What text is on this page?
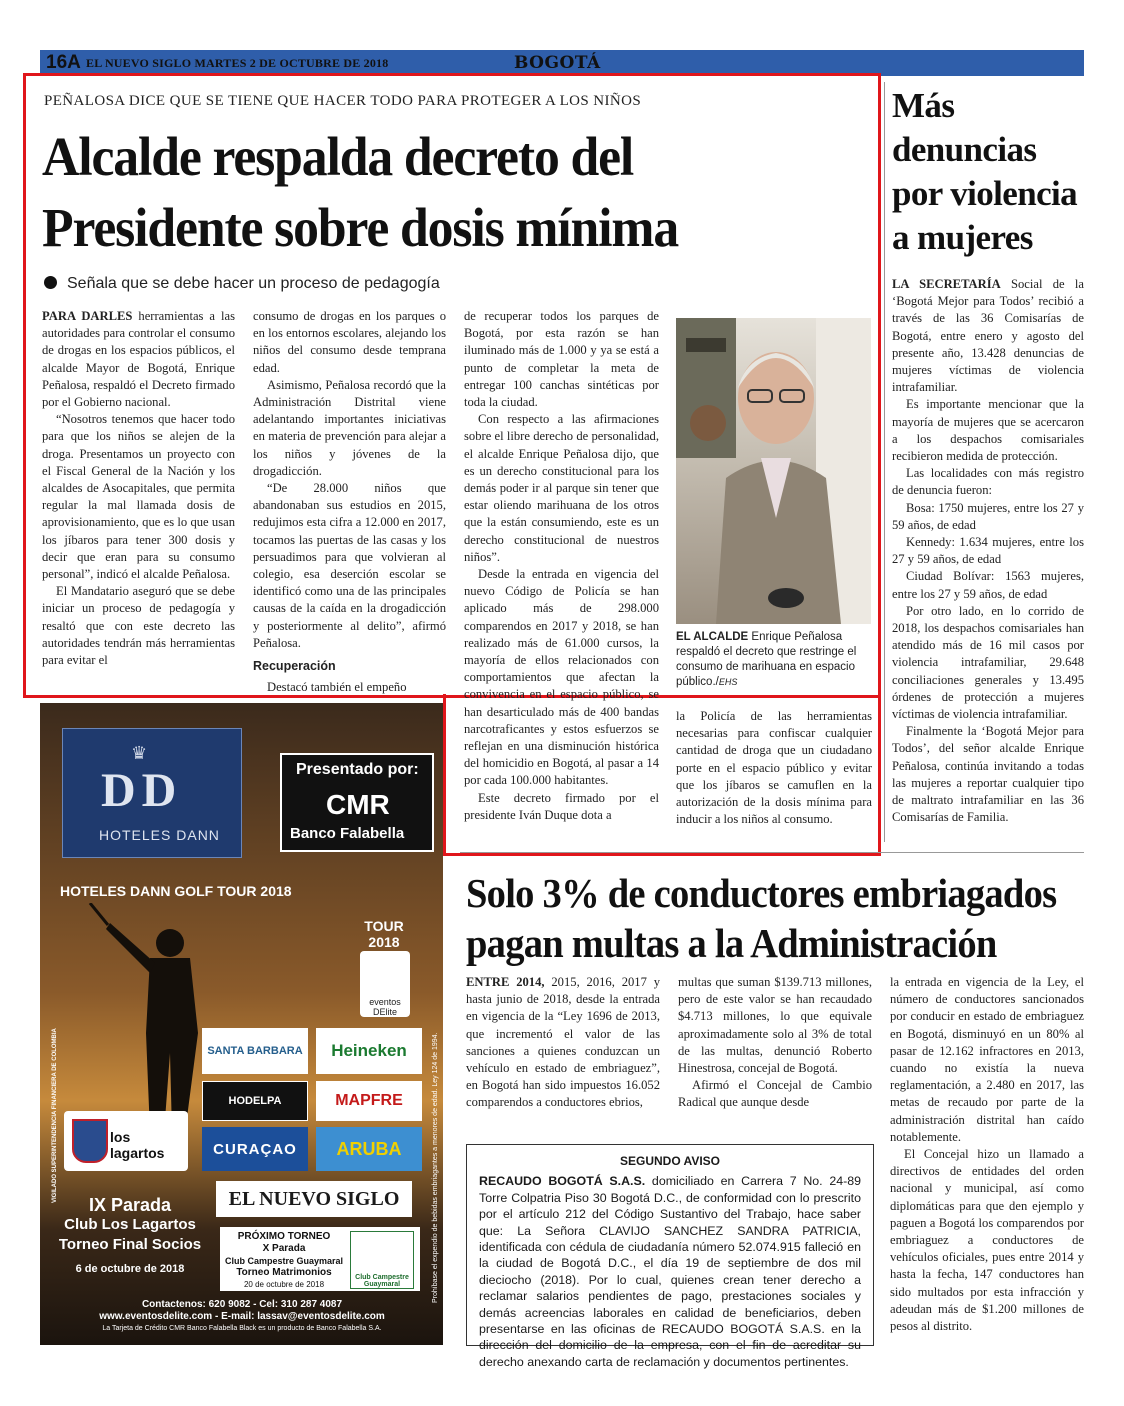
16A EL NUEVO SIGLO MARTES 2 DE OCTUBRE DE 2018	BOGOTÁ
PEÑALOSA DICE QUE SE TIENE QUE HACER TODO PARA PROTEGER A LOS NIÑOS
Alcalde respalda decreto del
Presidente sobre dosis mínima
Señala que se debe hacer un proceso de pedagogía

PARA DARLES herramientas a las autoridades para controlar el consumo de drogas en los espacios públicos, el alcalde Mayor de Bogotá, Enrique Peñalosa, respaldó el Decreto firmado por el Gobierno nacional.

“Nosotros tenemos que hacer todo para que los niños se alejen de la droga. Presentamos un proyecto con el Fiscal General de la Nación y los alcaldes de Asocapitales, que permita regular la mal llamada dosis de aprovisionamiento, que es lo que usan los jíbaros para tener 300 dosis y decir que eran para su consumo personal”, indicó el alcalde Peñalosa.

El Mandatario aseguró que se debe iniciar un proceso de pedagogía y resaltó que con este decreto las autoridades tendrán más herramientas para evitar el

consumo de drogas en los parques o en los entornos escolares, alejando los niños del consumo desde temprana edad.

Asimismo, Peñalosa recordó que la Administración Distrital viene adelantando importantes iniciativas en materia de prevención para alejar a los niños y jóvenes de la drogadicción.

“De 28.000 niños que abandonaban sus estudios en 2015, redujimos esta cifra a 12.000 en 2017, tocamos las puertas de las casas y los persuadimos para que volvieran al colegio, esa deserción escolar se identificó como una de las principales causas de la caída en la drogadicción y posteriormente al delito”, afirmó Peñalosa.

Recuperación

Destacó también el empeño

de recuperar todos los parques de Bogotá, por esta razón se han iluminado más de 1.000 y ya se está a punto de completar la meta de entregar 100 canchas sintéticas por toda la ciudad.

Con respecto a las afirmaciones sobre el libre derecho de personalidad, el alcalde Enrique Peñalosa dijo, que es un derecho constitucional para los demás poder ir al parque sin tener que estar oliendo marihuana de los otros que la están consumiendo, este es un derecho constitucional de nuestros niños”.

Desde la entrada en vigencia del nuevo Código de Policía se han aplicado más de 298.000 comparendos en 2017 y 2018, se han realizado más de 61.000 cursos, la mayoría de ellos relacionados con comportamientos que afectan la convivencia en el espacio público, se han desarticulado más de 400 bandas narcotraficantes y estos esfuerzos se reflejan en una disminución histórica del homicidio en Bogotá, al pasar a 14 por cada 100.000 habitantes.

Este decreto firmado por el presidente Iván Duque dota a

EL ALCALDE Enrique Peñalosa respaldó el decreto que restringe el consumo de marihuana en espacio público./EHS

la Policía de las herramientas necesarias para confiscar cualquier cantidad de droga que un ciudadano porte en el espacio público y evitar que los jíbaros se camuflen en la autorización de la dosis mínima para inducir a los niños al consumo.

Más
denuncias
por violencia
a mujeres

LA SECRETARÍA Social de la ‘Bogotá Mejor para Todos’ recibió a través de las 36 Comisarías de Bogotá, entre enero y agosto del presente año, 13.428 denuncias de mujeres víctimas de violencia intrafamiliar.

Es importante mencionar que la mayoría de mujeres que se acercaron a los despachos comisariales recibieron medida de protección.

Las localidades con más registro de denuncia fueron:

Bosa: 1750 mujeres, entre los 27 y 59 años, de edad

Kennedy: 1.634 mujeres, entre los 27 y 59 años, de edad

Ciudad Bolívar: 1563 mujeres, entre los 27 y 59 años, de edad

Por otro lado, en lo corrido de 2018, los despachos comisariales han atendido más de 16 mil casos por violencia intrafamiliar, 29.648 conciliaciones generales y 13.495 órdenes de protección a mujeres víctimas de violencia intrafamiliar.

Finalmente la ‘Bogotá Mejor para Todos’, del señor alcalde Enrique Peñalosa, continúa invitando a todas las mujeres a reportar cualquier tipo de maltrato intrafamiliar en las 36 Comisarías de Familia.

Solo 3% de conductores embriagados
pagan multas a la Administración

ENTRE 2014, 2015, 2016, 2017 y hasta junio de 2018, desde la entrada en vigencia de la “Ley 1696 de 2013, que incrementó el valor de las sanciones a quienes conduzcan un vehículo en estado de embriaguez”, en Bogotá han sido impuestos 16.052 comparendos a conductores ebrios,

multas que suman $139.713 millones, pero de este valor se han recaudado $4.713 millones, lo que equivale aproximadamente solo al 3% de total de las multas, denunció Roberto Hinestrosa, concejal de Bogotá.

Afirmó el Concejal de Cambio Radical que aunque desde

la entrada en vigencia de la Ley, el número de conductores sancionados por conducir en estado de embriaguez en Bogotá, disminuyó en un 80% al pasar de 12.162 infractores en 2013, cuando no existía la nueva reglamentación, a 2.480 en 2017, las metas de recaudo por parte de la administración distrital han caído notablemente.

El Concejal hizo un llamado a directivos de entidades del orden nacional y municipal, así como diplomáticas para que den ejemplo y paguen a Bogotá los comparendos por embriaguez a conductores de vehículos oficiales, pues entre 2014 y hasta la fecha, 147 conductores han sido multados por esta infracción y adeudan más de $1.200 millones de pesos al distrito.

SEGUNDO AVISO
RECAUDO BOGOTÁ S.A.S. domiciliado en Carrera 7 No. 24-89 Torre Colpatria Piso 30 Bogotá D.C., de conformidad con lo prescrito por el artículo 212 del Código Sustantivo del Trabajo, hace saber que: La Señora CLAVIJO SANCHEZ SANDRA PATRICIA, identificada con cédula de ciudadanía número 52.074.915 falleció en la ciudad de Bogotá D.C., el día 19 de septiembre de dos mil dieciocho (2018). Por lo cual, quienes crean tener derecho a reclamar salarios pendientes de pago, prestaciones sociales y demás acreencias laborales en calidad de beneficiarios, deben presentarse en las oficinas de RECAUDO BOGOTÁ S.A.S. en la dirección del domicilio de la empresa, con el fin de acreditar su derecho anexando carta de reclamación y documentos pertinentes.
♛
DD
HOTELES DANN
Presentado por:
CMR
Banco Falabella
HOTELES DANN GOLF TOUR 2018
TOUR
2018
eventos DElite
SANTA BARBARA Heineken
HODELPA	MAPFRE
CURAÇAO ARUBA
EL NUEVO SIGLO
los lagartos
IX Parada
Club Los Lagartos
Torneo Final Socios
6 de octubre de 2018
PRÓXIMO TORNEO
X Parada
Club Campestre Guaymaral
Torneo Matrimonios
20 de octubre de 2018
Club Campestre Guaymaral
Contactenos: 620 9082 - Cel: 310 287 4087
www.eventosdelite.com - E-mail: lassav@eventosdelite.com
La Tarjeta de Crédito CMR Banco Falabella Black es un producto de Banco Falabella S.A.
Prohíbase el expendio de bebidas embriagantes a menores de edad. Ley 124 de 1994.
VIGILADO SUPERINTENDENCIA FINANCIERA DE COLOMBIA
